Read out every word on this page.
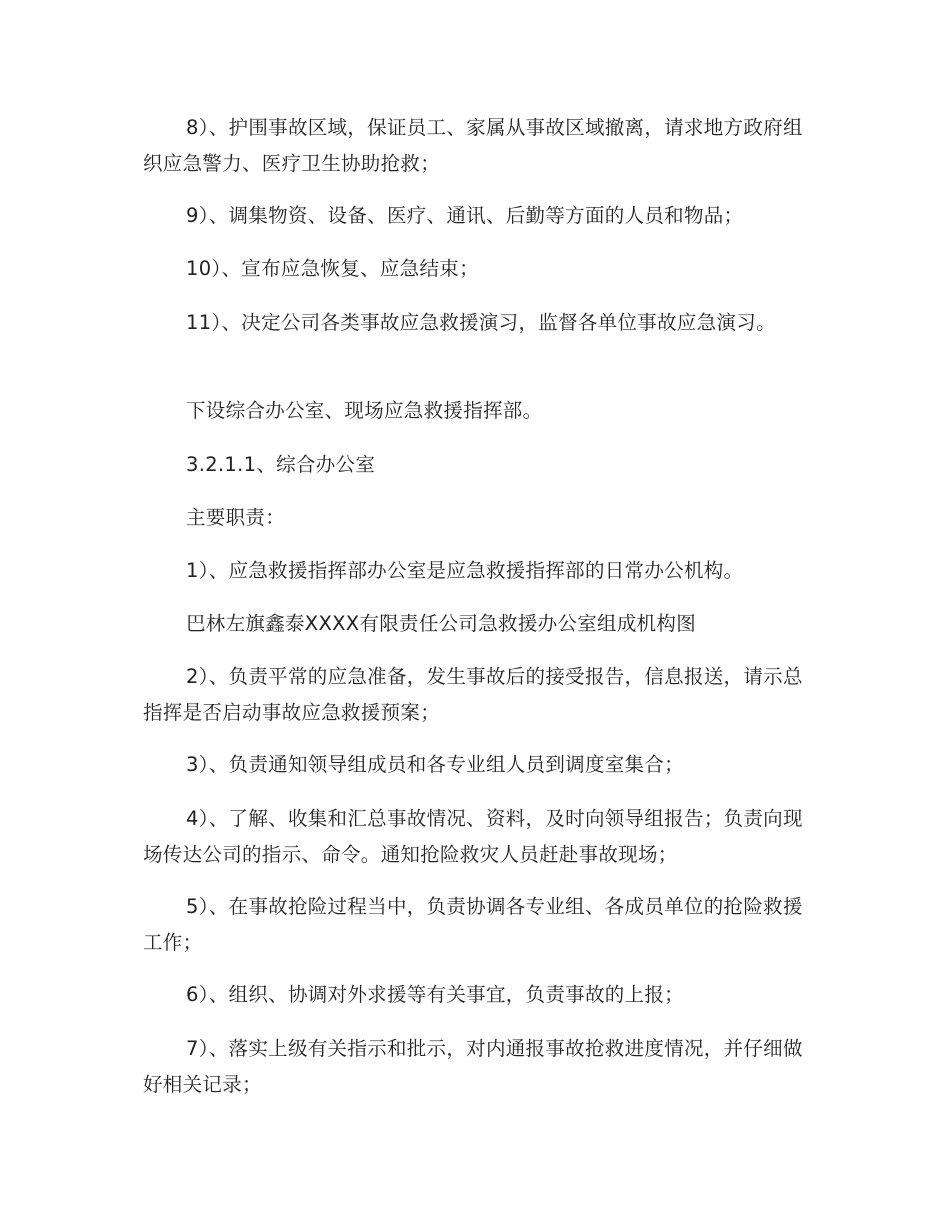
8）、护围事故区域，保证员工、家属从事故区域撤离，请求地方政府组织应急警力、医疗卫生协助抢救；

9）、调集物资、设备、医疗、通讯、后勤等方面的人员和物品；

10）、宣布应急恢复、应急结束；

11）、决定公司各类事故应急救援演习，监督各单位事故应急演习。

下设综合办公室、现场应急救援指挥部。

3.2.1.1、综合办公室

主要职责：

1）、应急救援指挥部办公室是应急救援指挥部的日常办公机构。

巴林左旗鑫泰XXXX有限责任公司急救援办公室组成机构图

2）、负责平常的应急准备，发生事故后的接受报告，信息报送，请示总指挥是否启动事故应急救援预案；

3）、负责通知领导组成员和各专业组人员到调度室集合；

4）、了解、收集和汇总事故情况、资料，及时向领导组报告；负责向现场传达公司的指示、命令。通知抢险救灾人员赶赴事故现场；

5）、在事故抢险过程当中，负责协调各专业组、各成员单位的抢险救援工作；

6）、组织、协调对外求援等有关事宜，负责事故的上报；

7）、落实上级有关指示和批示，对内通报事故抢救进度情况，并仔细做好相关记录；
